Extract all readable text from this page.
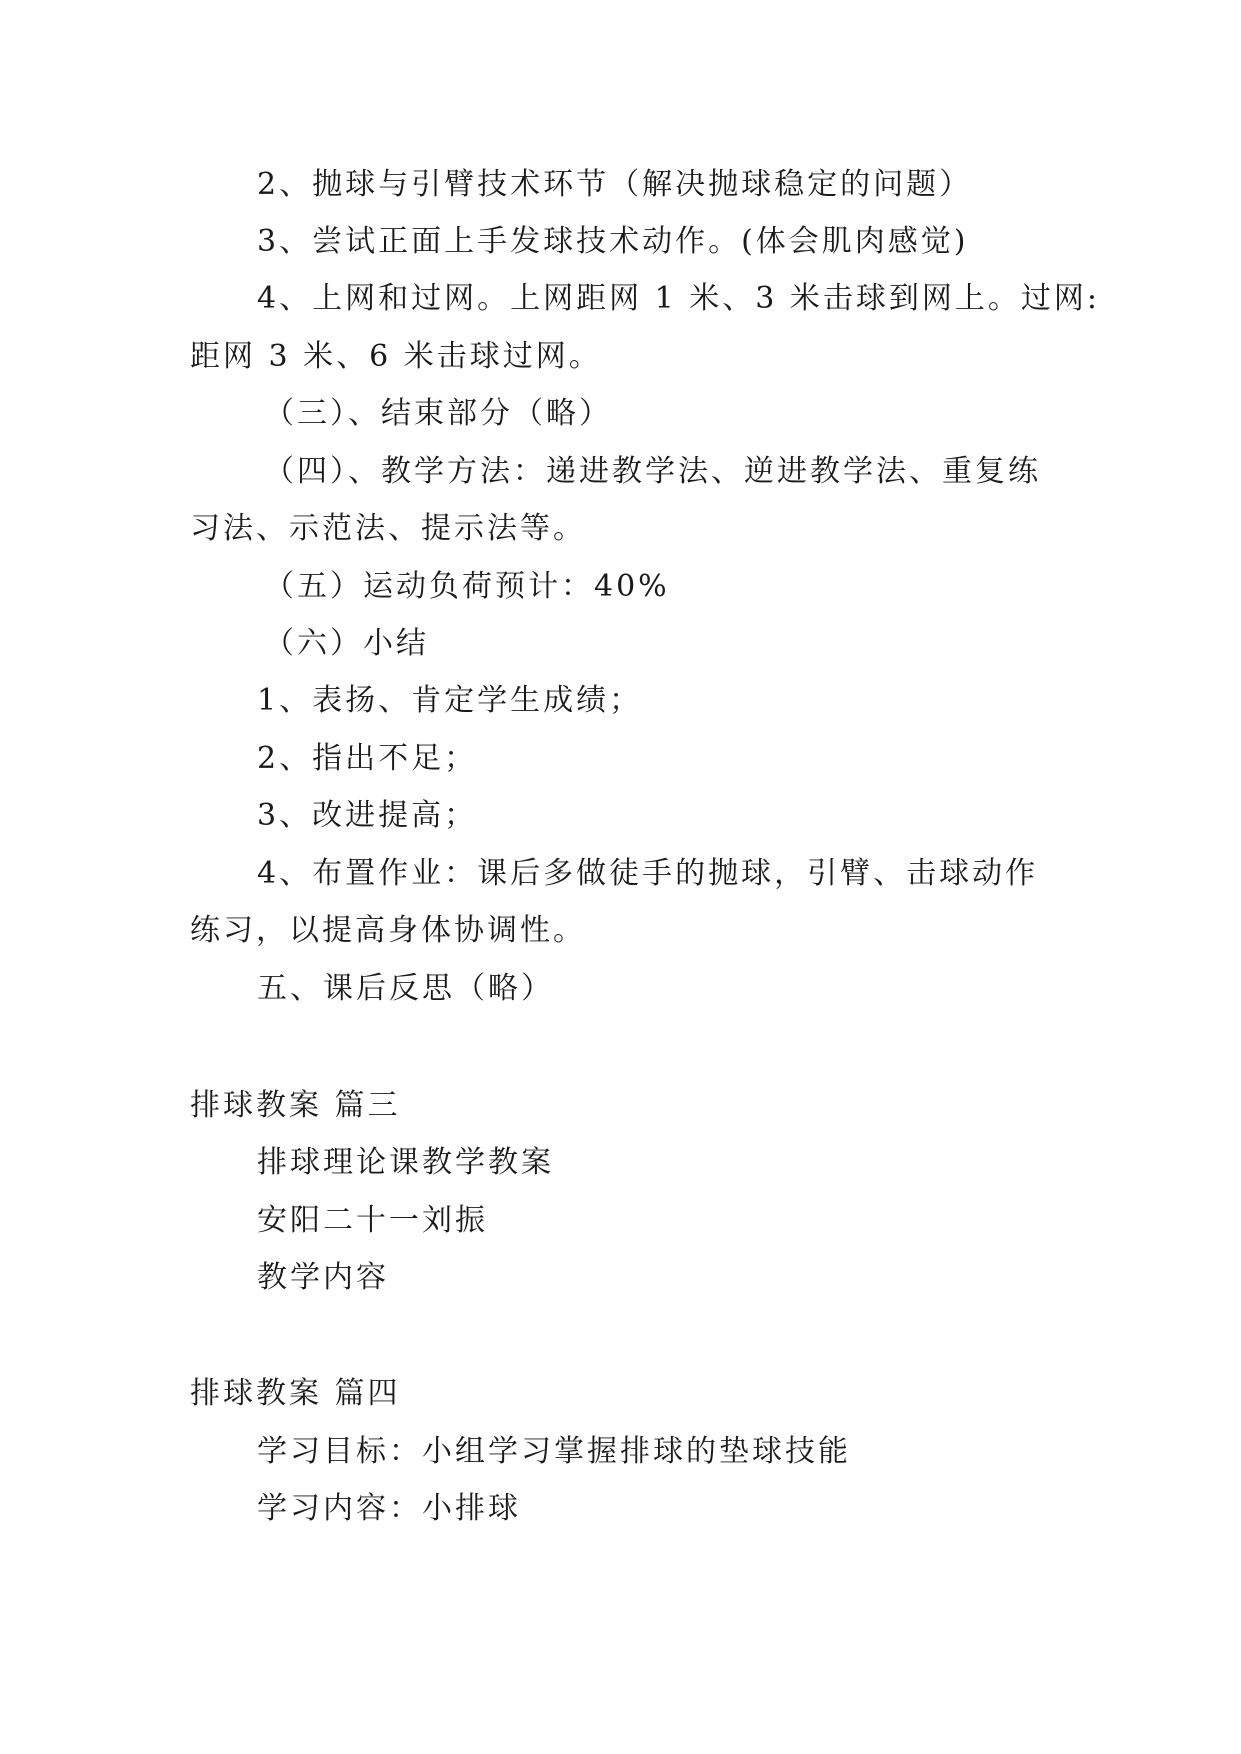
2、抛球与引臂技术环节（解决抛球稳定的问题）
3、尝试正面上手发球技术动作。(体会肌肉感觉)
4、上网和过网。上网距网 1 米、3 米击球到网上。过网:
距网 3 米、6 米击球过网。
（三）、结束部分（略）
（四）、教学方法：递进教学法、逆进教学法、重复练
习法、示范法、提示法等。
（五）运动负荷预计：40%
（六）小结
1、表扬、肯定学生成绩；
2、指出不足；
3、改进提高；
4、布置作业：课后多做徒手的抛球，引臂、击球动作
练习，以提高身体协调性。
五、课后反思（略）
排球教案 篇三
排球理论课教学教案
安阳二十一刘振
教学内容
排球教案 篇四
学习目标：小组学习掌握排球的垫球技能
学习内容：小排球
